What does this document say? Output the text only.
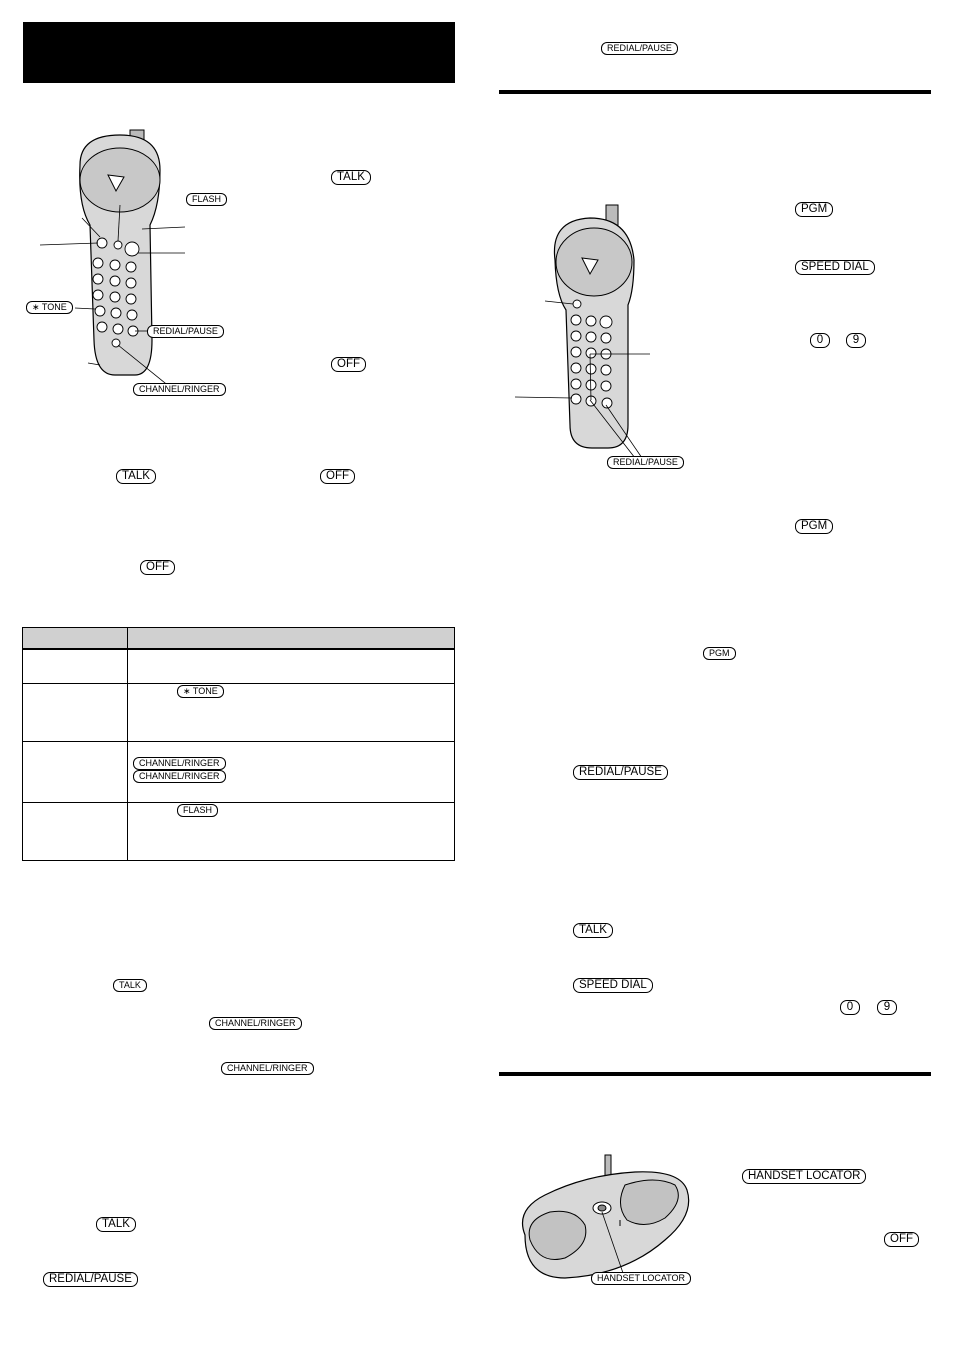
FLASH
∗ TONE
REDIAL/PAUSE
CHANNEL/RINGER
TALK
OFF
TALK	OFF
OFF

∗ TONE
CHANNEL/RINGER
CHANNEL/RINGER
FLASH
TALK
CHANNEL/RINGER
CHANNEL/RINGER
TALK
REDIAL/PAUSE
REDIAL/PAUSE
REDIAL/PAUSE
PGM
SPEED DIAL
0	9
PGM
PGM
REDIAL/PAUSE
TALK
SPEED DIAL
0	9
HANDSET LOCATOR
HANDSET LOCATOR
OFF
